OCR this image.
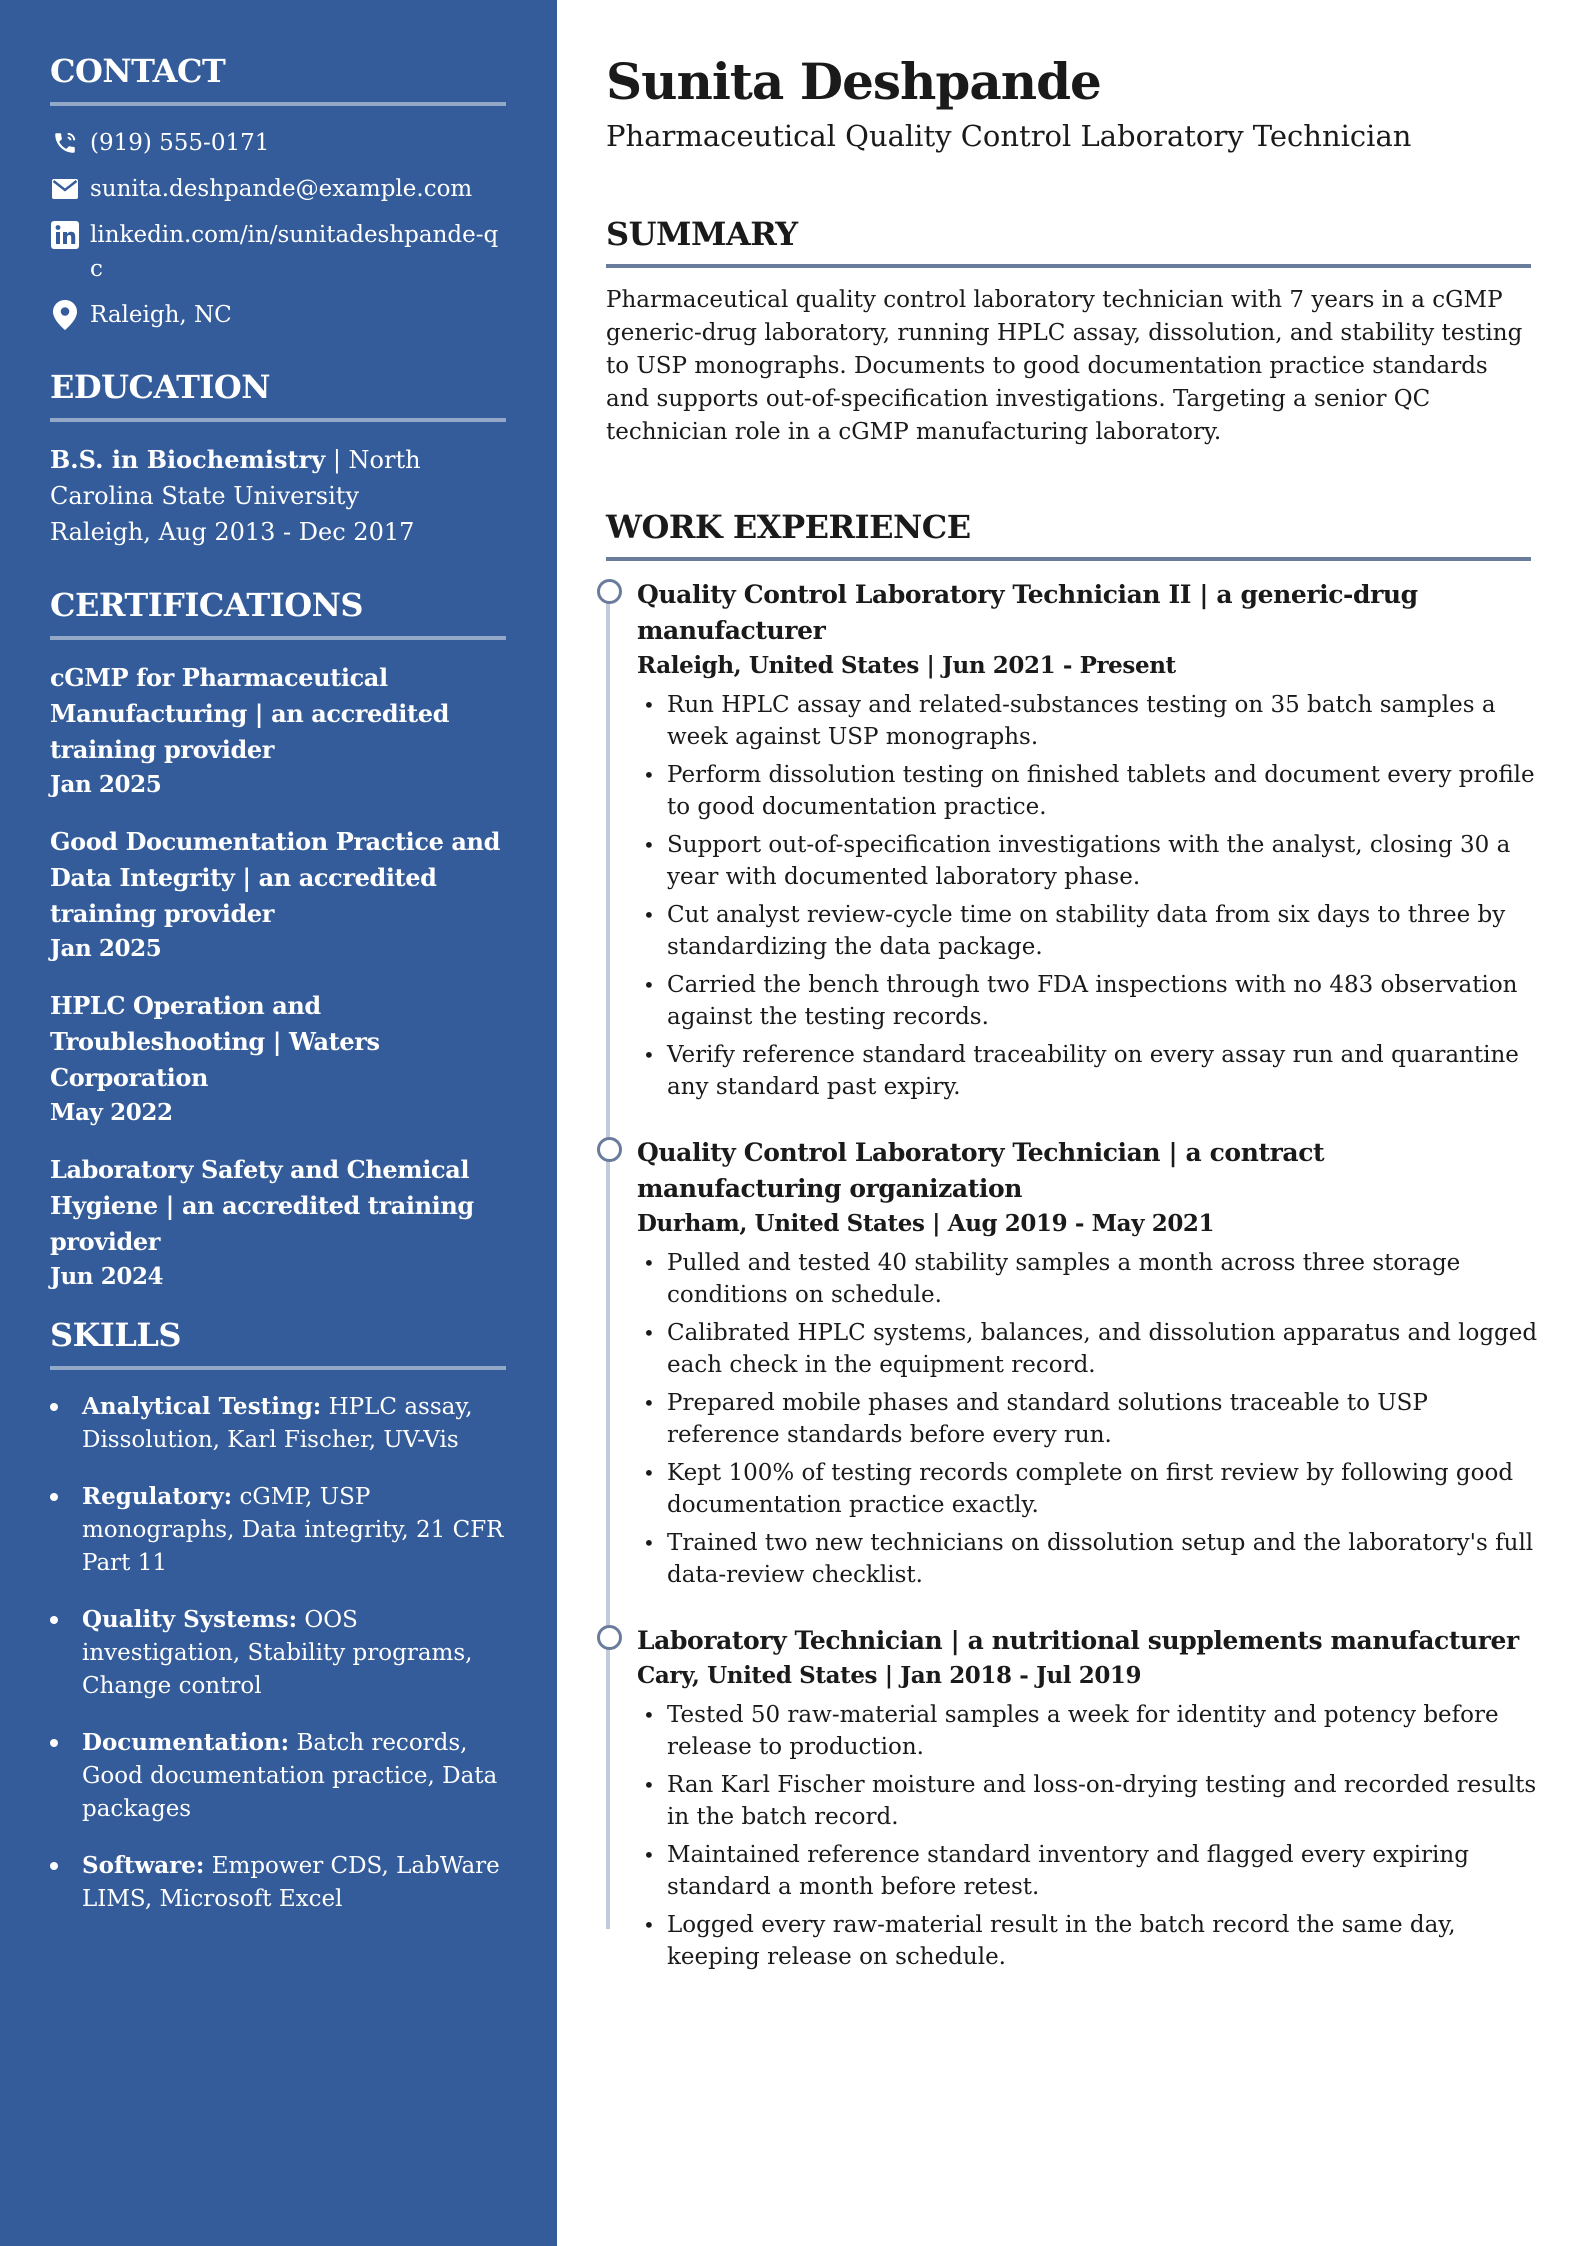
CONTACT
(919) 555-0171
sunita.deshpande@example.com
linkedin.com/in/sunitadeshpande-qc
Raleigh, NC
EDUCATION
B.S. in Biochemistry | North Carolina State University
Raleigh, Aug 2013 - Dec 2017
CERTIFICATIONS
cGMP for Pharmaceutical Manufacturing | an accredited training provider
Jan 2025
Good Documentation Practice and Data Integrity | an accredited training provider
Jan 2025
HPLC Operation and Troubleshooting | Waters Corporation
May 2022
Laboratory Safety and Chemical Hygiene | an accredited training provider
Jun 2024
SKILLS
Analytical Testing: HPLC assay, Dissolution, Karl Fischer, UV-Vis
Regulatory: cGMP, USP monographs, Data integrity, 21 CFR Part 11
Quality Systems: OOS investigation, Stability programs, Change control
Documentation: Batch records, Good documentation practice, Data packages
Software: Empower CDS, LabWare LIMS, Microsoft Excel
Sunita Deshpande
Pharmaceutical Quality Control Laboratory Technician
SUMMARY

Pharmaceutical quality control laboratory technician with 7 years in a cGMP generic-drug laboratory, running HPLC assay, dissolution, and stability testing to USP monographs. Documents to good documentation practice standards and supports out-of-specification investigations. Targeting a senior QC technician role in a cGMP manufacturing laboratory.

WORK EXPERIENCE
Quality Control Laboratory Technician II | a generic-drug manufacturer
Raleigh, United States | Jun 2021 - Present
• Run HPLC assay and related-substances testing on 35 batch samples a week against USP monographs.
• Perform dissolution testing on finished tablets and document every profile to good documentation practice.
• Support out-of-specification investigations with the analyst, closing 30 a year with documented laboratory phase.
• Cut analyst review-cycle time on stability data from six days to three by standardizing the data package.
• Carried the bench through two FDA inspections with no 483 observation against the testing records.
• Verify reference standard traceability on every assay run and quarantine any standard past expiry.
Quality Control Laboratory Technician | a contract manufacturing organization
Durham, United States | Aug 2019 - May 2021
• Pulled and tested 40 stability samples a month across three storage conditions on schedule.
• Calibrated HPLC systems, balances, and dissolution apparatus and logged each check in the equipment record.
• Prepared mobile phases and standard solutions traceable to USP reference standards before every run.
• Kept 100% of testing records complete on first review by following good documentation practice exactly.
• Trained two new technicians on dissolution setup and the laboratory's full data-review checklist.
Laboratory Technician | a nutritional supplements manufacturer
Cary, United States | Jan 2018 - Jul 2019
• Tested 50 raw-material samples a week for identity and potency before release to production.
• Ran Karl Fischer moisture and loss-on-drying testing and recorded results in the batch record.
• Maintained reference standard inventory and flagged every expiring standard a month before retest.
• Logged every raw-material result in the batch record the same day, keeping release on schedule.
